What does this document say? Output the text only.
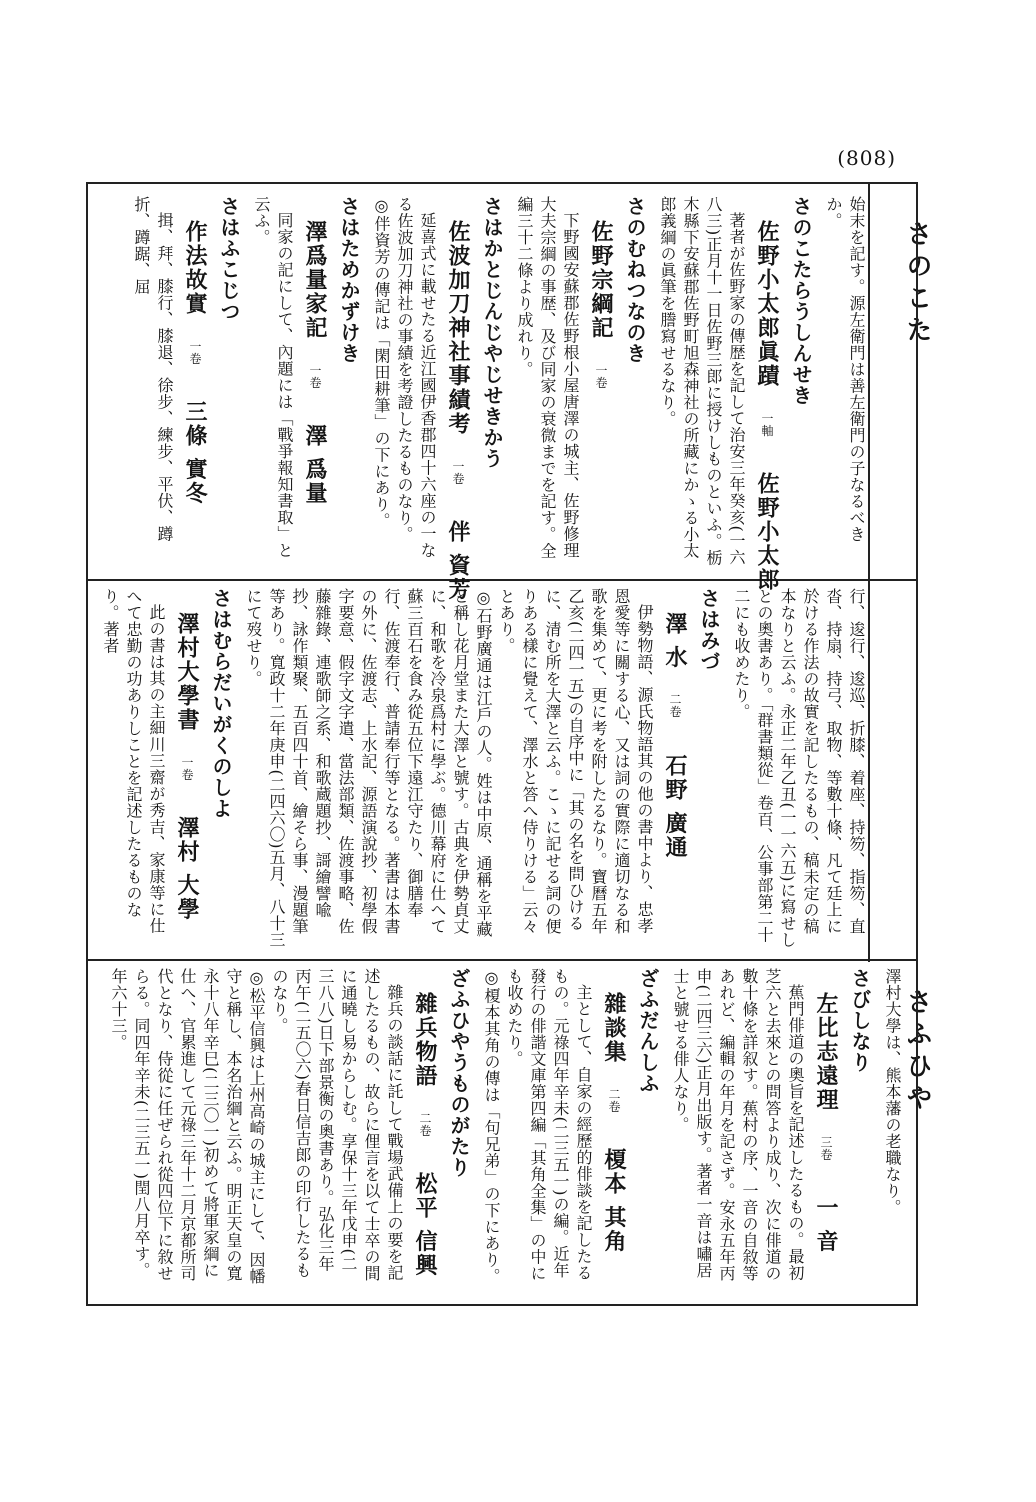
(808)
さのこた
さふひや
始末を記す。源左衛門は善左衛門の子なるべきか。
さのこたらうしんせき
佐野小太郎眞蹟 一軸 佐野小太郎
著者が佐野家の傳歴を記して治安三年癸亥(一六八三)正月十一日佐野三郎に授けしものといふ。栃木縣下安蘇郡佐野町旭森神社の所藏にかゝる小太郎義綱の眞筆を謄寫せるなり。
さのむねつなのき
佐野宗綱記 一卷
下野國安蘇郡佐野根小屋唐澤の城主、佐野修理大夫宗綱の事歴、及び同家の衰微までを記す。全編三十二條より成れり。
さはかとじんじやじせきかう
佐波加刀神社事績考 一卷 伴 資芳
延喜式に載せたる近江國伊香郡四十六座の一なる佐波加刀神社の事績を考證したるものなり。
◎伴資芳の傳記は「閑田耕筆」の下にあり。
さはためかずけき
澤爲量家記 一卷 澤 爲量
同家の記にして、內題には「戰爭報知書取」と云ふ。
さはふこじつ
作法故實 一卷 三條 實冬
揖、拜、膝行、膝退、徐步、練步、平伏、蹲折、蹲踞、屈
行、逡行、逡巡、折膝、着座、持笏、指笏、直沓、持扇、持弓、取物、等數十條、凡て廷上に於ける作法の故實を記したるもの、稿未定の稿本なりと云ふ。永正二年乙丑(一一六五)に寫せしとの奧書あり。「群書類從」卷百、公事部第二十二にも收めたり。
さはみづ
澤 水 二卷 石野 廣通
伊勢物語、源氏物語其の他の書中より、忠孝恩愛等に關する心、又は詞の實際に適切なる和歌を集めて、更に考を附したるなり。寶曆五年乙亥(二四一五)の自序中に「其の名を問ひけるに、清む所を大澤と云ふ。こゝに記せる詞の便りある樣に覺えて、澤水と答へ侍りける」云々とあり。
◎石野廣通は江戶の人。姓は中原、通稱を平藏と稱し花月堂また大澤と號す。古典を伊勢貞丈に、和歌を冷泉爲村に學ぶ。德川幕府に仕へて蘇三百石を食み從五位下遠江守たり、御膳奉行、佐渡奉行、普請奉行等となる。著書は本書の外に、佐渡志、上水記、源語演說抄、初學假字要意、假字文字遣、當法部類、佐渡事略、佐藤雜錄、連歌師之系、和歌蔵題抄、謌繪譬喩抄、詠作類聚、五百四十首、繪そら事、漫題筆等あり。寬政十二年庚申(二四六〇)五月、八十三にて歿せり。
さはむらだいがくのしよ
澤村大學書 一卷 澤村 大學
此の書は其の主細川三齋が秀吉、家康等に仕へて忠勤の功ありしことを記述したるものなり。著者
澤村大學は、熊本藩の老職なり。
さびしなり
左比志遠理 三卷 一 音
蕉門俳道の奧旨を記述したるもの。最初芝六と去來との問答より成り、次に俳道の數十條を詳叙す。蕉村の序、一音の自敘等あれど、編輯の年月を記さず。安永五年丙申(二四三六)正月出版す。著者一音は嘯居士と號せる俳人なり。
ざふだんしふ
雜談集 二卷 榎本 其角
主として、自家の經歷的俳談を記したるもの。元祿四年辛未(二三五一)の編。近年發行の俳諧文庫第四編「其角全集」の中にも收めたり。
◎榎本其角の傳は「句兄弟」の下にあり。
ざふひやうものがたり
雜兵物語 二卷 松平 信興
雜兵の談話に託して戰場武備上の要を記述したるもの、故らに俚言を以て士卒の間に通曉し易からしむ。享保十三年戊申(二三八八)日下部景衡の奧書あり。弘化三年丙午(二五〇六)春日信吉郎の印行したるものなり。
◎松平信興は上州高崎の城主にして、因幡守と稱し、本名治綱と云ふ。明正天皇の寬永十八年辛巳(二三〇一)初めて將軍家綱に仕へ、官累進して元祿三年十二月京都所司代となり、侍從に任ぜられ從四位下に敘せらる。同四年辛未(二三五一)閏八月卒す。年六十三。
